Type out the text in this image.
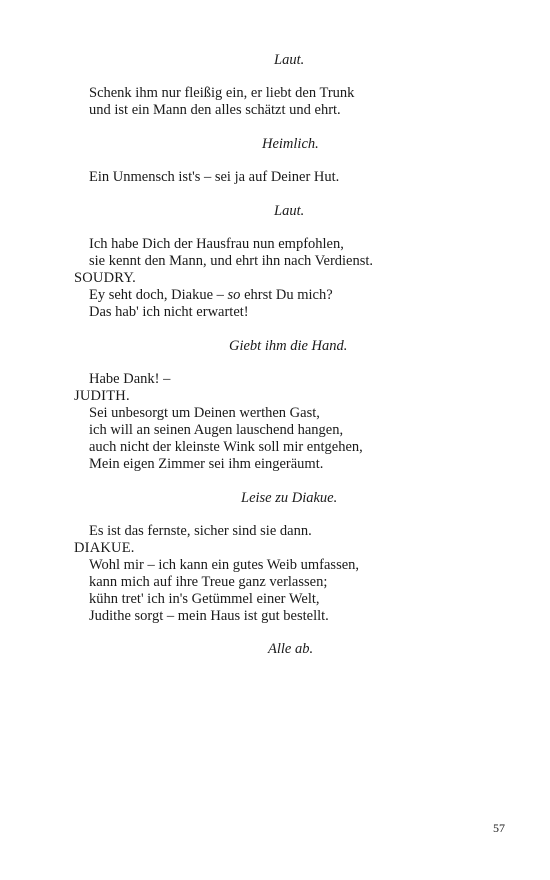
Laut.
Schenk ihm nur fleißig ein, er liebt den Trunk
und ist ein Mann den alles schätzt und ehrt.
Heimlich.
Ein Unmensch ist's – sei ja auf Deiner Hut.
Laut.
Ich habe Dich der Hausfrau nun empfohlen,
sie kennt den Mann, und ehrt ihn nach Verdienst.
SOUDRY.
Ey seht doch, Diakue – so ehrst Du mich?
Das hab' ich nicht erwartet!
Giebt ihm die Hand.
Habe Dank! –
JUDITH.
Sei unbesorgt um Deinen werthen Gast,
ich will an seinen Augen lauschend hangen,
auch nicht der kleinste Wink soll mir entgehen,
Mein eigen Zimmer sei ihm eingeräumt.
Leise zu Diakue.
Es ist das fernste, sicher sind sie dann.
DIAKUE.
Wohl mir – ich kann ein gutes Weib umfassen,
kann mich auf ihre Treue ganz verlassen;
kühn tret' ich in's Getümmel einer Welt,
Judithe sorgt – mein Haus ist gut bestellt.
Alle ab.
57
